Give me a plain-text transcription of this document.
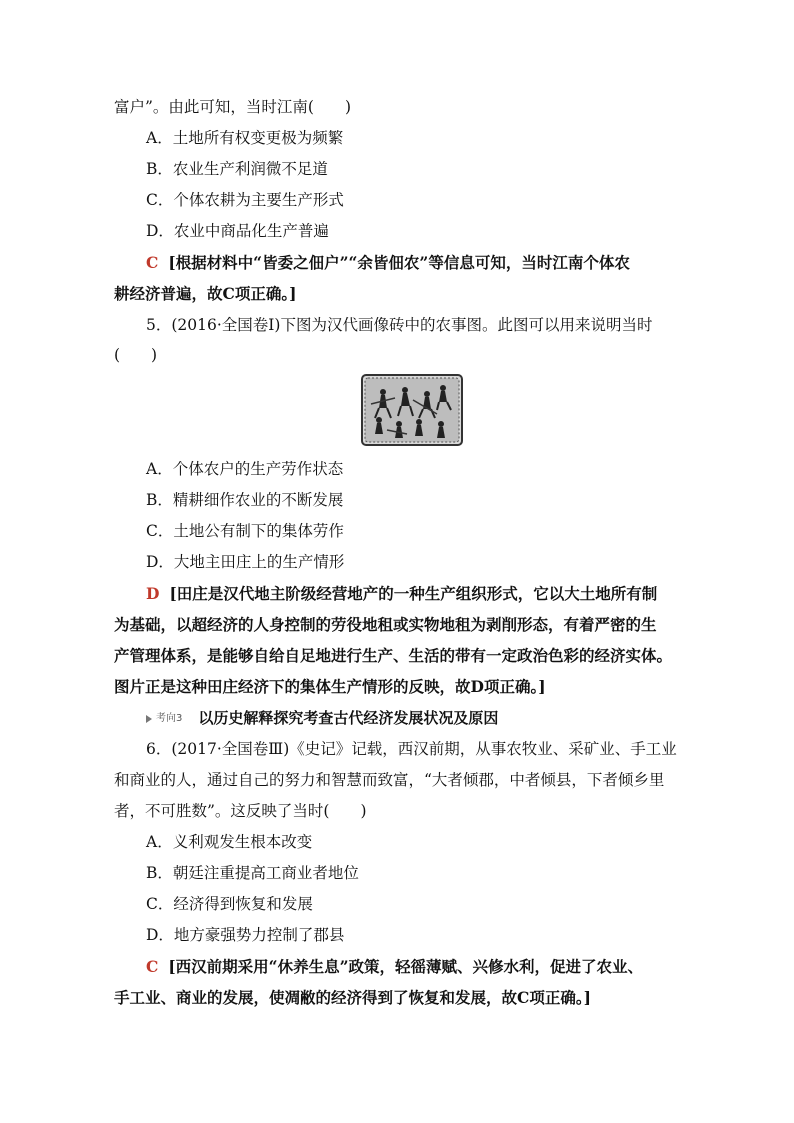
富户”。由此可知，当时江南(　　)
A．土地所有权变更极为频繁
B．农业生产利润微不足道
C．个体农耕为主要生产形式
D．农业中商品化生产普遍
C [根据材料中“皆委之佃户”“余皆佃农”等信息可知，当时江南个体农
耕经济普遍，故C项正确。]
5．(2016·全国卷Ⅰ)下图为汉代画像砖中的农事图。此图可以用来说明当时
(　　)
A．个体农户的生产劳作状态
B．精耕细作农业的不断发展
C．土地公有制下的集体劳作
D．大地主田庄上的生产情形
D [田庄是汉代地主阶级经营地产的一种生产组织形式，它以大土地所有制
为基础，以超经济的人身控制的劳役地租或实物地租为剥削形态，有着严密的生
产管理体系，是能够自给自足地进行生产、生活的带有一定政治色彩的经济实体。
图片正是这种田庄经济下的集体生产情形的反映，故D项正确。]
考向3 以历史解释探究考查古代经济发展状况及原因
6．(2017·全国卷Ⅲ)《史记》记载，西汉前期，从事农牧业、采矿业、手工业
和商业的人，通过自己的努力和智慧而致富，“大者倾郡，中者倾县，下者倾乡里
者，不可胜数”。这反映了当时(　　)
A．义利观发生根本改变
B．朝廷注重提高工商业者地位
C．经济得到恢复和发展
D．地方豪强势力控制了郡县
C [西汉前期采用“休养生息”政策，轻徭薄赋、兴修水利，促进了农业、
手工业、商业的发展，使凋敝的经济得到了恢复和发展，故C项正确。]
